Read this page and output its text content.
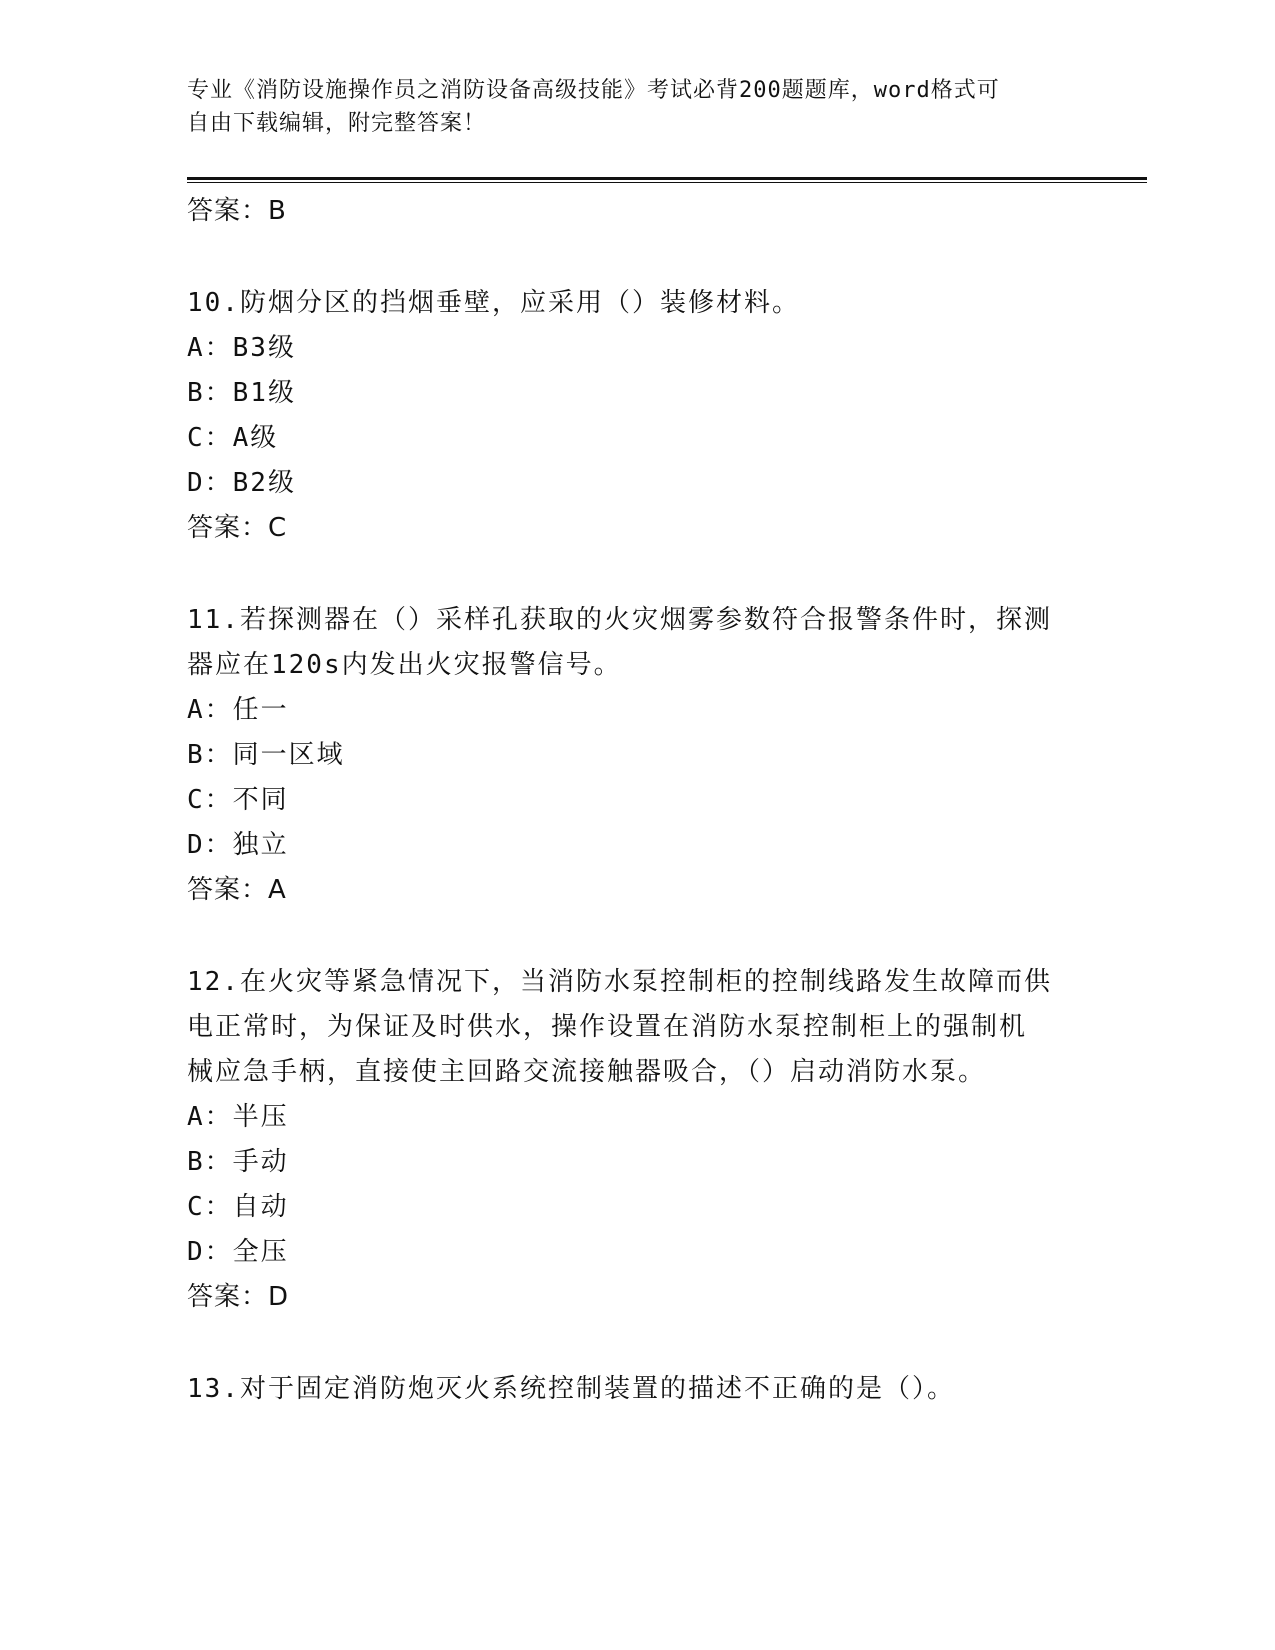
专业《消防设施操作员之消防设备高级技能》考试必背200题题库，word格式可
自由下载编辑，附完整答案！
答案：B
10.防烟分区的挡烟垂壁，应采用（）装修材料。
A：B3级
B：B1级
C：A级
D：B2级
答案：C
11.若探测器在（）采样孔获取的火灾烟雾参数符合报警条件时，探测
器应在120s内发出火灾报警信号。
A：任一
B：同一区域
C：不同
D：独立
答案：A
12.在火灾等紧急情况下，当消防水泵控制柜的控制线路发生故障而供
电正常时，为保证及时供水，操作设置在消防水泵控制柜上的强制机
械应急手柄，直接使主回路交流接触器吸合，（）启动消防水泵。
A：半压
B：手动
C：自动
D：全压
答案：D
13.对于固定消防炮灭火系统控制装置的描述不正确的是（）。
